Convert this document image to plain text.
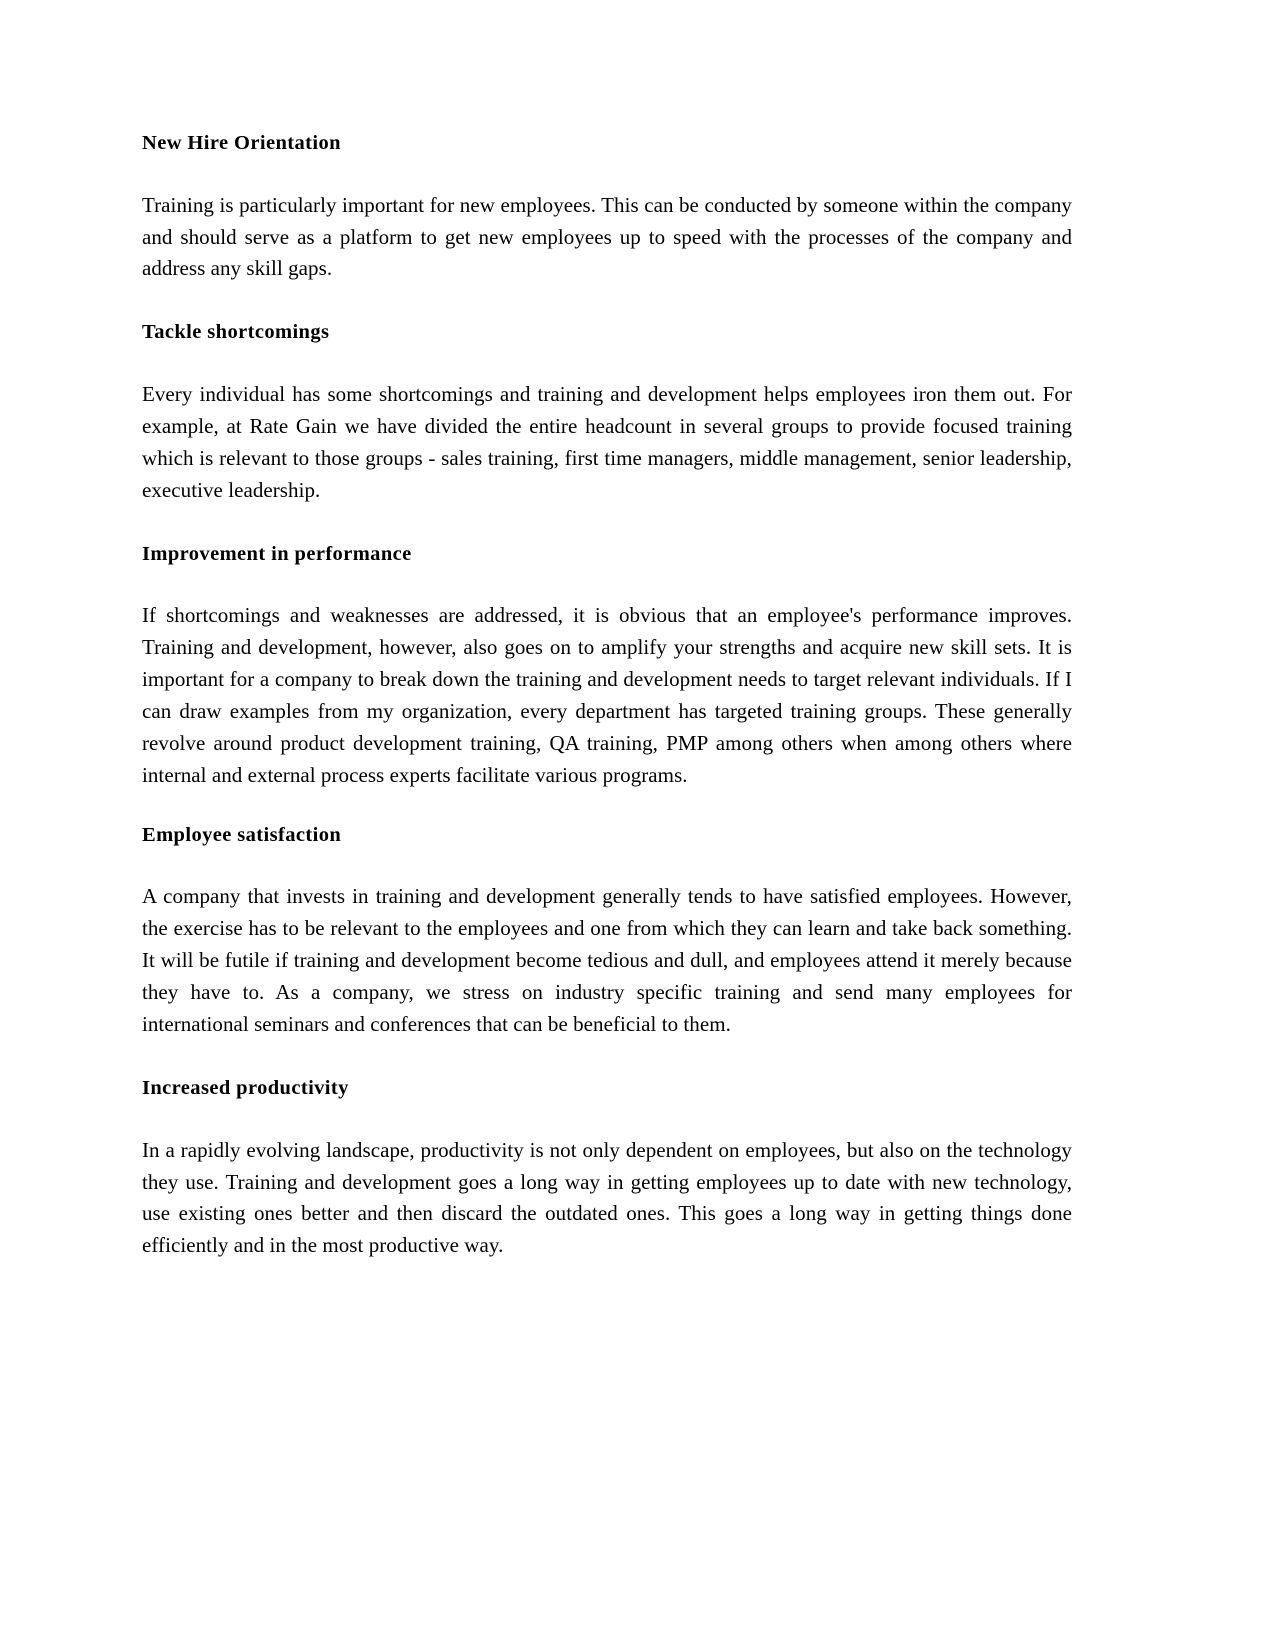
New Hire Orientation

Training is particularly important for new employees. This can be conducted by someone within the company and should serve as a platform to get new employees up to speed with the processes of the company and address any skill gaps.

Tackle shortcomings

Every individual has some shortcomings and training and development helps employees iron them out. For example, at Rate Gain we have divided the entire headcount in several groups to provide focused training which is relevant to those groups - sales training, first time managers, middle management, senior leadership, executive leadership.

Improvement in performance

If shortcomings and weaknesses are addressed, it is obvious that an employee's performance improves. Training and development, however, also goes on to amplify your strengths and acquire new skill sets. It is important for a company to break down the training and development needs to target relevant individuals. If I can draw examples from my organization, every department has targeted training groups. These generally revolve around product development training, QA training, PMP among others when among others where internal and external process experts facilitate various programs.

Employee satisfaction

A company that invests in training and development generally tends to have satisfied employees. However, the exercise has to be relevant to the employees and one from which they can learn and take back something. It will be futile if training and development become tedious and dull, and employees attend it merely because they have to. As a company, we stress on industry specific training and send many employees for international seminars and conferences that can be beneficial to them.

Increased productivity

In a rapidly evolving landscape, productivity is not only dependent on employees, but also on the technology they use. Training and development goes a long way in getting employees up to date with new technology, use existing ones better and then discard the outdated ones. This goes a long way in getting things done efficiently and in the most productive way.
